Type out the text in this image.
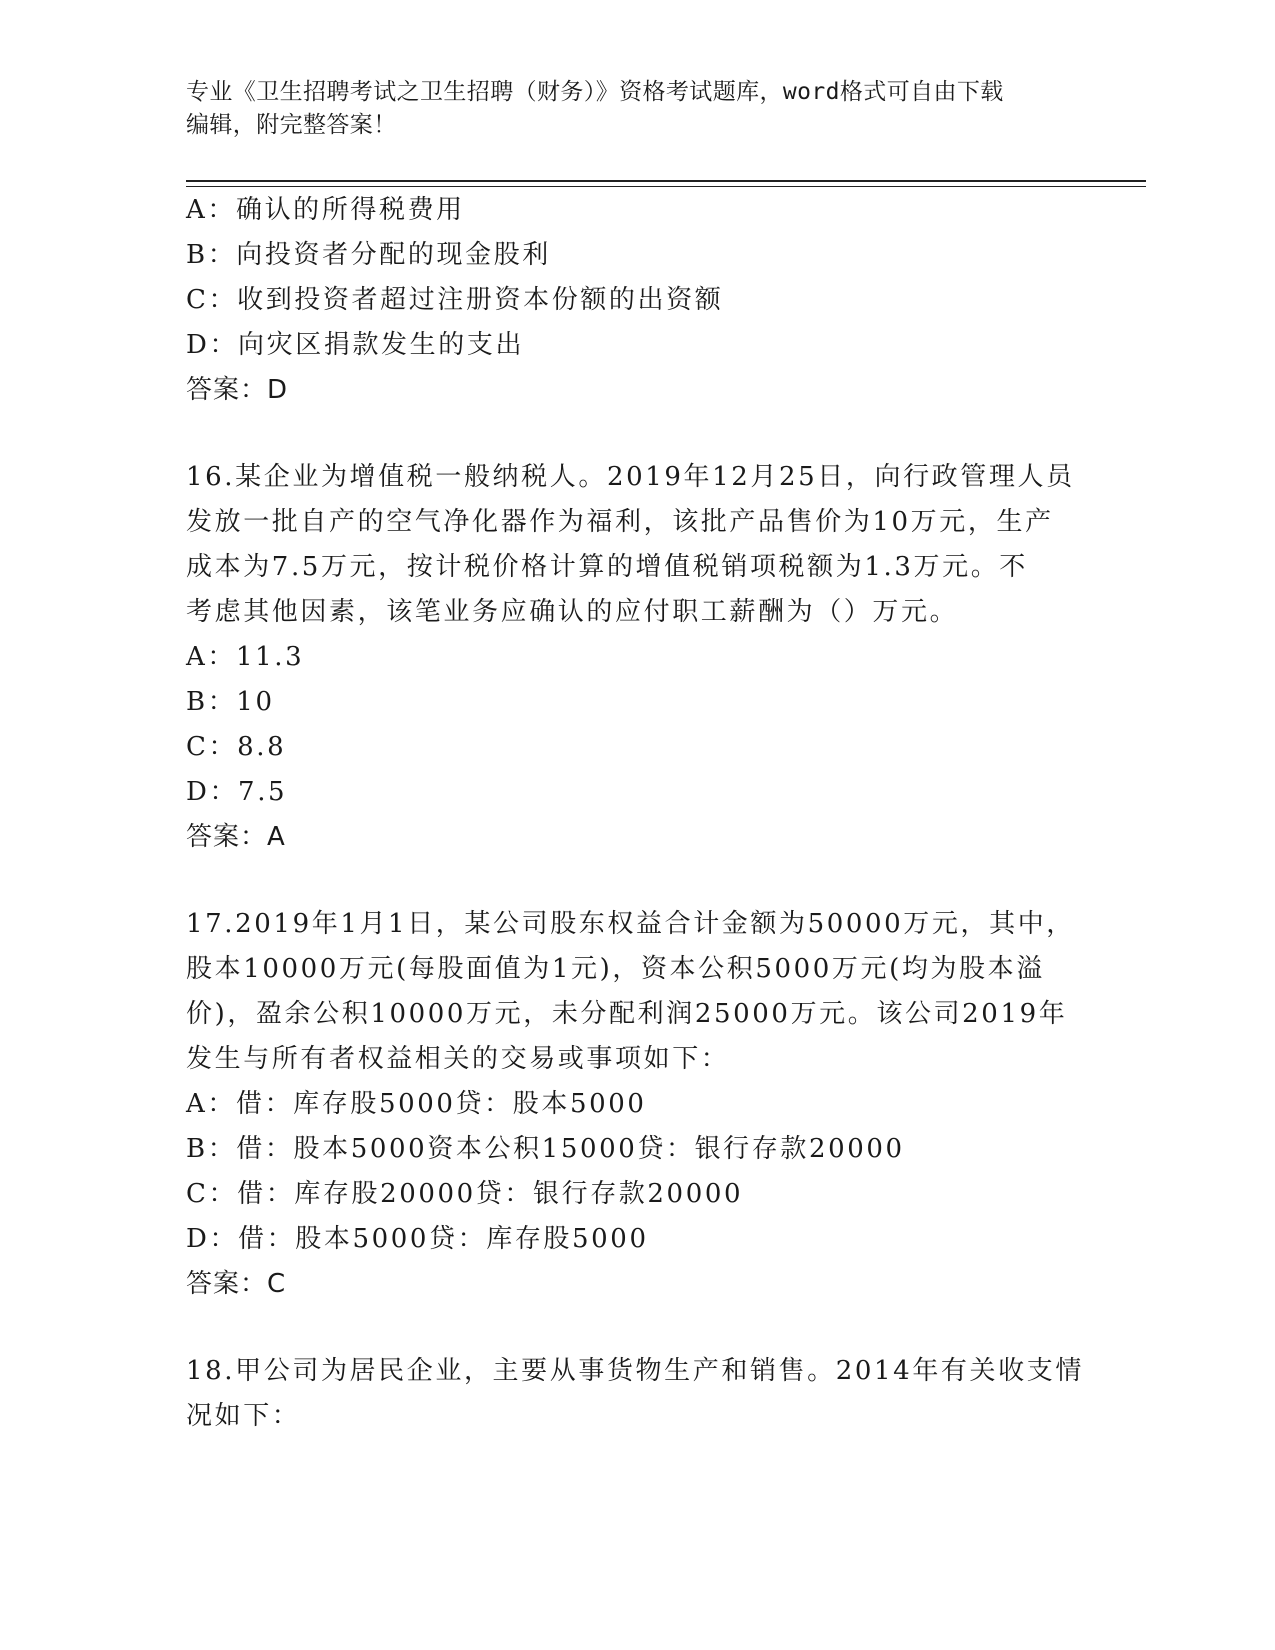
专业《卫生招聘考试之卫生招聘（财务）》资格考试题库，word格式可自由下载
编辑，附完整答案！
A：确认的所得税费用
B：向投资者分配的现金股利
C：收到投资者超过注册资本份额的出资额
D：向灾区捐款发生的支出
答案：D
16.某企业为增值税一般纳税人。2019年12月25日，向行政管理人员
发放一批自产的空气净化器作为福利，该批产品售价为10万元，生产
成本为7.5万元，按计税价格计算的增值税销项税额为1.3万元。不
考虑其他因素，该笔业务应确认的应付职工薪酬为（）万元。
A：11.3
B：10
C：8.8
D：7.5
答案：A
17.2019年1月1日，某公司股东权益合计金额为50000万元，其中，
股本10000万元(每股面值为1元)，资本公积5000万元(均为股本溢
价)，盈余公积10000万元，未分配利润25000万元。该公司2019年
发生与所有者权益相关的交易或事项如下：
A：借：库存股5000贷：股本5000
B：借：股本5000资本公积15000贷：银行存款20000
C：借：库存股20000贷：银行存款20000
D：借：股本5000贷：库存股5000
答案：C
18.甲公司为居民企业，主要从事货物生产和销售。2014年有关收支情
况如下：
